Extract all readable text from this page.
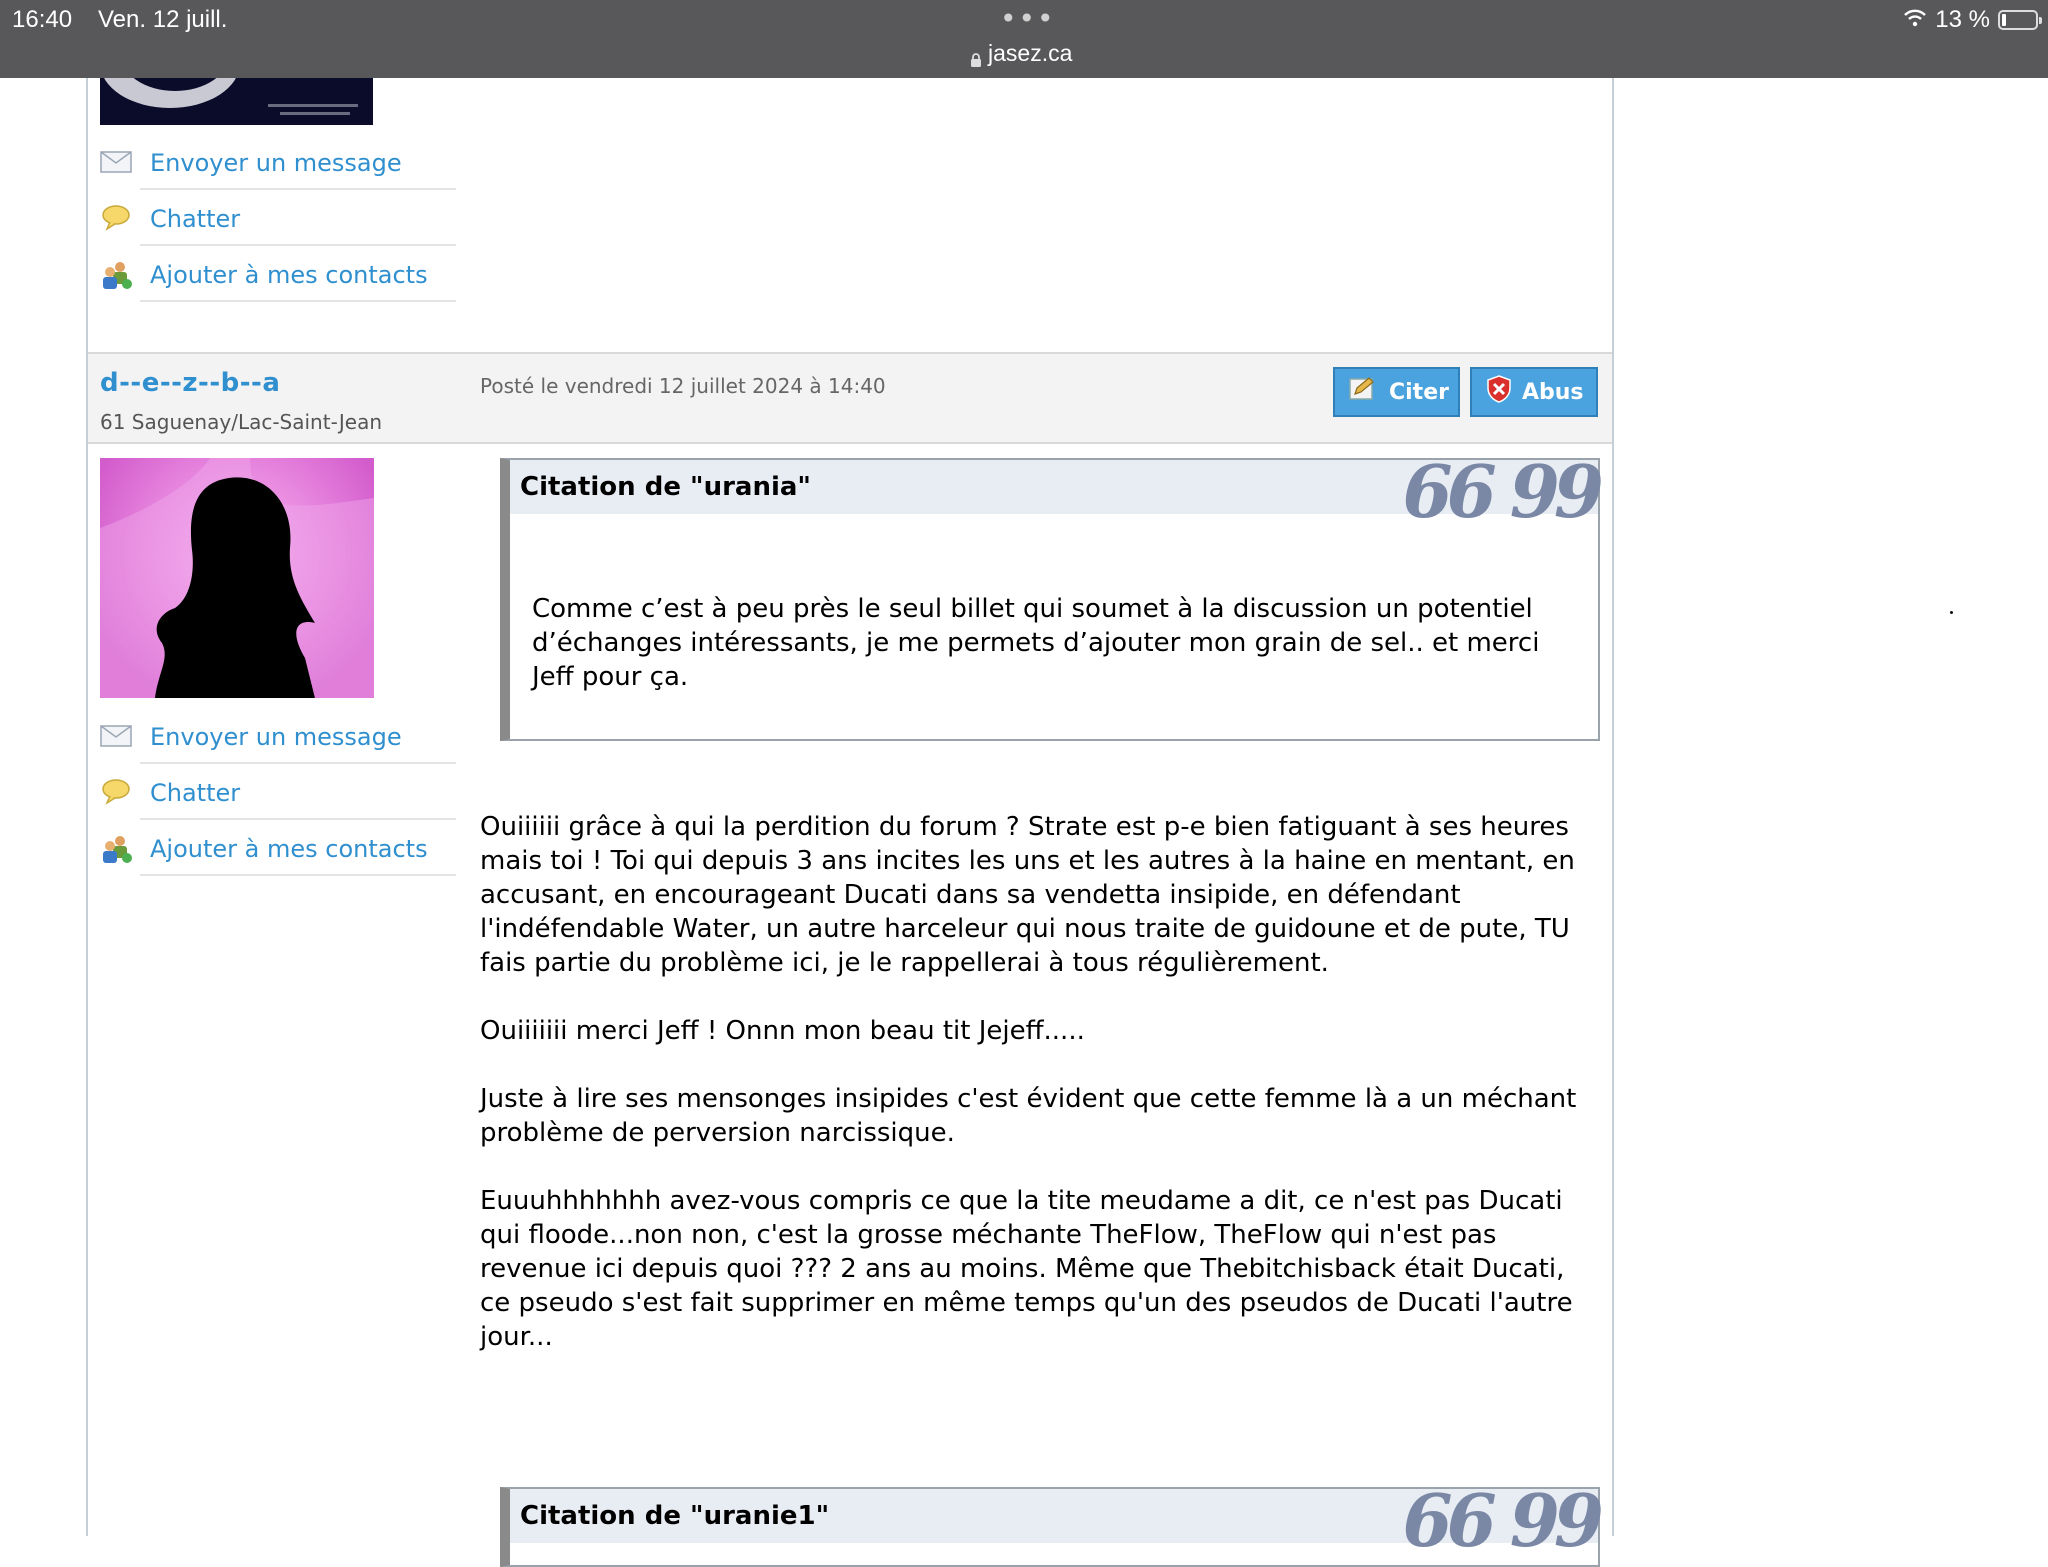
16:40 Ven. 12 juill.	•••
jasez.ca
13 %
Envoyer un message
Chatter
Ajouter à mes contacts
d--e--z--b--a
61 Saguenay/Lac-Saint-Jean
Posté le vendredi 12 juillet 2024 à 14:40	Citer	Abus
Envoyer un message
Chatter
Ajouter à mes contacts
Citation de "urania"	66 99
Comme c’est à peu près le seul billet qui soumet à la discussion un potentiel d’échanges intéressants, je me permets d’ajouter mon grain de sel.. et merci Jeff pour ça.

Ouiiiiii grâce à qui la perdition du forum ? Strate est p-e bien fatiguant à ses heures mais toi ! Toi qui depuis 3 ans incites les uns et les autres à la haine en mentant, en accusant, en encourageant Ducati dans sa vendetta insipide, en défendant l'indéfendable Water, un autre harceleur qui nous traite de guidoune et de pute, TU fais partie du problème ici, je le rappellerai à tous régulièrement.

Ouiiiiiii merci Jeff ! Onnn mon beau tit Jejeff.....

Juste à lire ses mensonges insipides c'est évident que cette femme là a un méchant problème de perversion narcissique.

Euuuhhhhhhh avez-vous compris ce que la tite meudame a dit, ce n'est pas Ducati qui floode...non non, c'est la grosse méchante TheFlow, TheFlow qui n'est pas revenue ici depuis quoi ??? 2 ans au moins. Même que Thebitchisback était Ducati, ce pseudo s'est fait supprimer en même temps qu'un des pseudos de Ducati l'autre jour...

Citation de "uranie1"	66 99
